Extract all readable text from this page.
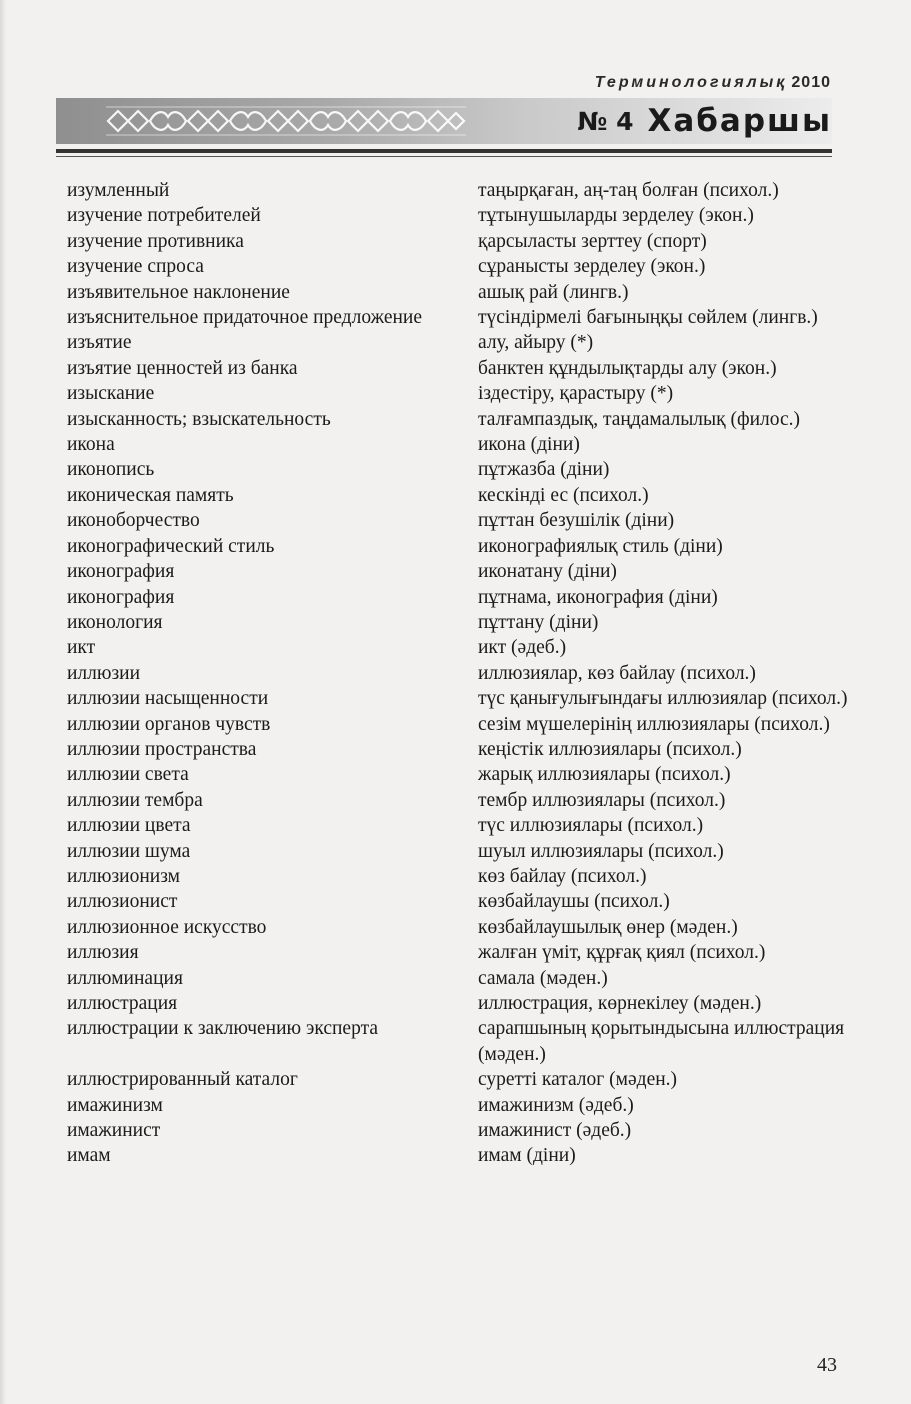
Терминологиялық 2010
№ 4 Хабаршы
изумленный	таңырқаған, аң-таң болған (психол.)
изучение потребителей	тұтынушыларды зерделеу (экон.)
изучение противника	қарсыласты зерттеу (спорт)
изучение спроса	сұранысты зерделеу (экон.)
изъявительное наклонение	ашық рай (лингв.)
изъяснительное придаточное предложение	түсіндірмелі бағыныңқы сөйлем (лингв.)
изъятие	алу, айыру (*)
изъятие ценностей из банка	банктен құндылықтарды алу (экон.)
изыскание	іздестіру, қарастыру (*)
изысканность; взыскательность	талғампаздық, таңдамалылық (филос.)
икона	икона (діни)
иконопись	пұтжазба (діни)
иконическая память	кескінді ес (психол.)
иконоборчество	пұттан безушілік (діни)
иконографический стиль	иконографиялық стиль (діни)
иконография	иконатану (діни)
иконография	пұтнама, иконография (діни)
иконология	пұттану (діни)
икт	икт (әдеб.)
иллюзии	иллюзиялар, көз байлау (психол.)
иллюзии насыщенности	түс қанығулығындағы иллюзиялар (психол.)
иллюзии органов чувств	сезім мүшелерінің иллюзиялары (психол.)
иллюзии пространства	кеңістік иллюзиялары (психол.)
иллюзии света	жарық иллюзиялары (психол.)
иллюзии тембра	тембр иллюзиялары (психол.)
иллюзии цвета	түс иллюзиялары (психол.)
иллюзии шума	шуыл иллюзиялары (психол.)
иллюзионизм	көз байлау (психол.)
иллюзионист	көзбайлаушы (психол.)
иллюзионное искусство	көзбайлаушылық өнер (мәден.)
иллюзия	жалған үміт, құрғақ қиял (психол.)
иллюминация	самала (мәден.)
иллюстрация	иллюстрация, көрнекілеу (мәден.)
иллюстрации к заключению эксперта	сарапшының қорытындысына иллюстрация (мәден.)
иллюстрированный каталог	суретті каталог (мәден.)
имажинизм	имажинизм (әдеб.)
имажинист	имажинист (әдеб.)
имам	имам (діни)
43
